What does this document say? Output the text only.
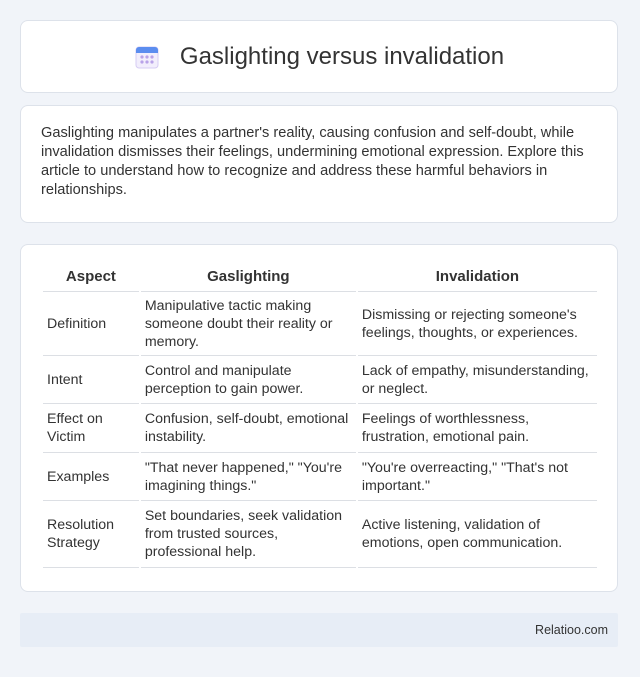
Gaslighting versus invalidation

Gaslighting manipulates a partner's reality, causing confusion and self-doubt, while invalidation dismisses their feelings, undermining emotional expression. Explore this article to understand how to recognize and address these harmful behaviors in relationships.

Aspect	Gaslighting	Invalidation
Definition	Manipulative tactic making someone doubt their reality or memory.	Dismissing or rejecting someone's feelings, thoughts, or experiences.
Intent	Control and manipulate perception to gain power.	Lack of empathy, misunderstanding, or neglect.
Effect on Victim	Confusion, self-doubt, emotional instability.	Feelings of worthlessness, frustration, emotional pain.
Examples	"That never happened," "You're imagining things."	"You're overreacting," "That's not important."
Resolution Strategy	Set boundaries, seek validation from trusted sources, professional help.	Active listening, validation of emotions, open communication.
Relatioo.com
